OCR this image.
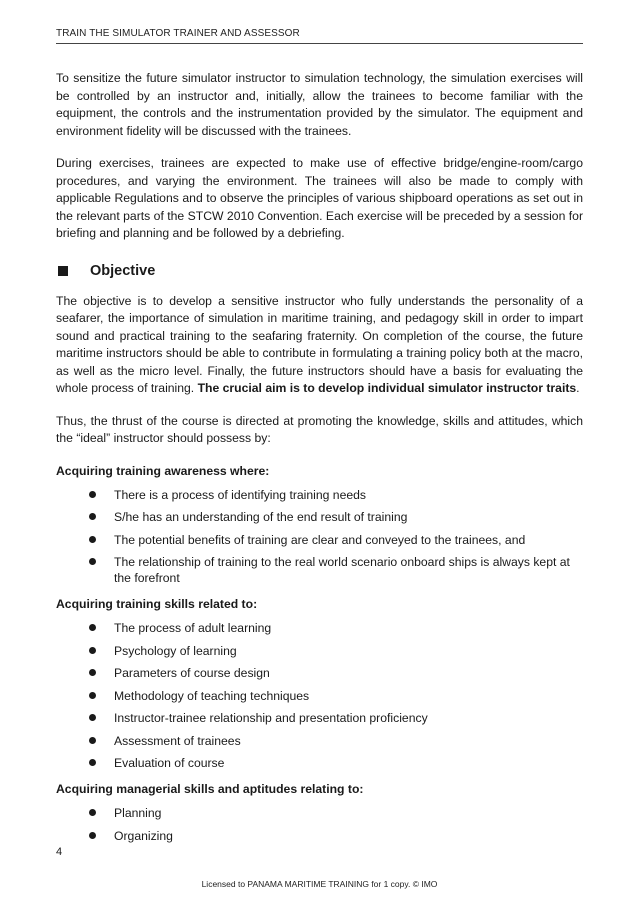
TRAIN THE SIMULATOR TRAINER AND ASSESSOR

To sensitize the future simulator instructor to simulation technology, the simulation exercises will be controlled by an instructor and, initially, allow the trainees to become familiar with the equipment, the controls and the instrumentation provided by the simulator. The equipment and environment fidelity will be discussed with the trainees.

During exercises, trainees are expected to make use of effective bridge/engine-room/cargo procedures, and varying the environment. The trainees will also be made to comply with applicable Regulations and to observe the principles of various shipboard operations as set out in the relevant parts of the STCW 2010 Convention. Each exercise will be preceded by a session for briefing and planning and be followed by a debriefing.

Objective

The objective is to develop a sensitive instructor who fully understands the personality of a seafarer, the importance of simulation in maritime training, and pedagogy skill in order to impart sound and practical training to the seafaring fraternity. On completion of the course, the future maritime instructors should be able to contribute in formulating a training policy both at the macro, as well as the micro level. Finally, the future instructors should have a basis for evaluating the whole process of training. The crucial aim is to develop individual simulator instructor traits.

Thus, the thrust of the course is directed at promoting the knowledge, skills and attitudes, which the “ideal” instructor should possess by:

Acquiring training awareness where:
There is a process of identifying training needs
S/he has an understanding of the end result of training
The potential benefits of training are clear and conveyed to the trainees, and
The relationship of training to the real world scenario onboard ships is always kept at the forefront
Acquiring training skills related to:
The process of adult learning
Psychology of learning
Parameters of course design
Methodology of teaching techniques
Instructor-trainee relationship and presentation proficiency
Assessment of trainees
Evaluation of course
Acquiring managerial skills and aptitudes relating to:
Planning
Organizing
4
Licensed to PANAMA MARITIME TRAINING for 1 copy. © IMO
